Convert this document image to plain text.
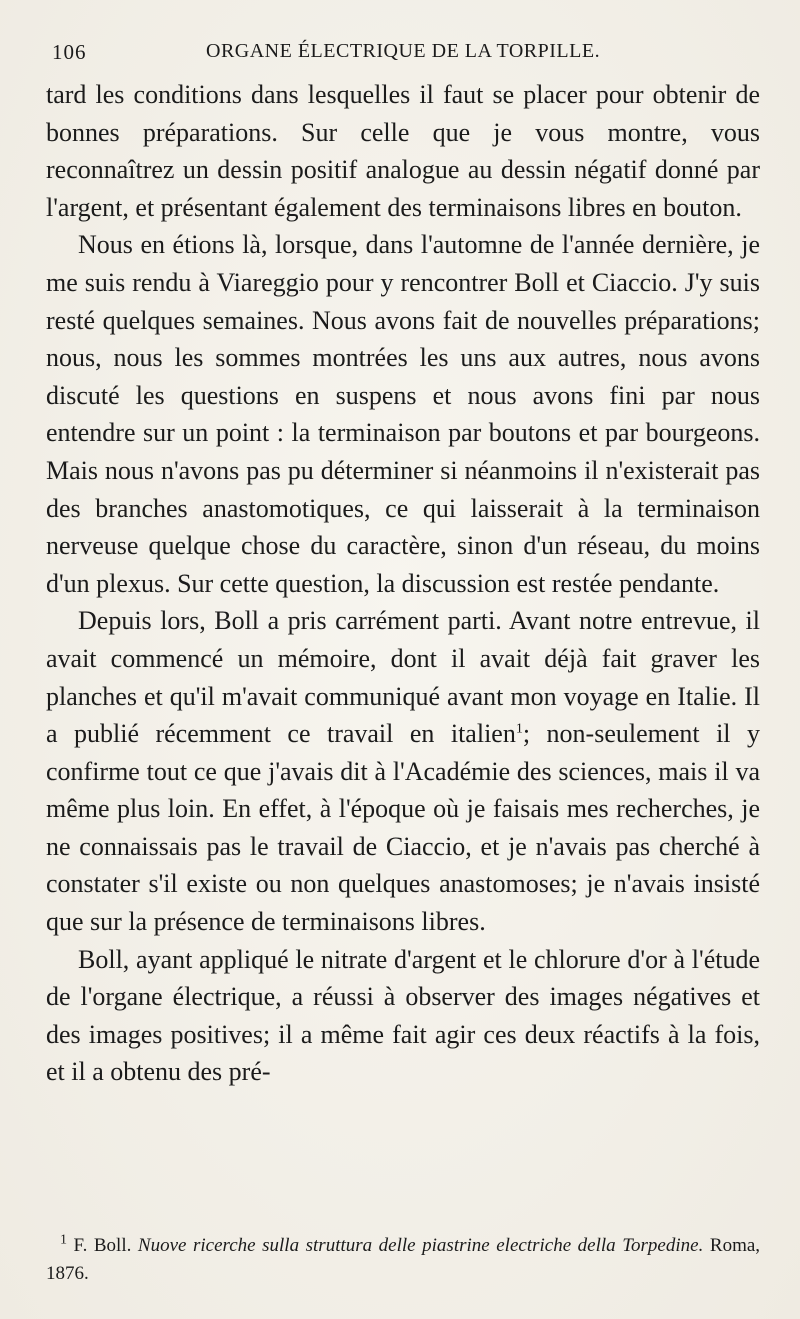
106	ORGANE ÉLECTRIQUE DE LA TORPILLE.

tard les conditions dans lesquelles il faut se placer pour obtenir de bonnes préparations. Sur celle que je vous montre, vous reconnaîtrez un dessin positif analogue au dessin négatif donné par l'argent, et présentant également des terminaisons libres en bouton.

Nous en étions là, lorsque, dans l'automne de l'année dernière, je me suis rendu à Viareggio pour y rencontrer Boll et Ciaccio. J'y suis resté quelques semaines. Nous avons fait de nouvelles préparations; nous, nous les sommes montrées les uns aux autres, nous avons discuté les questions en suspens et nous avons fini par nous entendre sur un point : la terminaison par boutons et par bourgeons. Mais nous n'avons pas pu déterminer si néanmoins il n'existerait pas des branches anastomotiques, ce qui laisserait à la terminaison nerveuse quelque chose du caractère, sinon d'un réseau, du moins d'un plexus. Sur cette question, la discussion est restée pendante.

Depuis lors, Boll a pris carrément parti. Avant notre entrevue, il avait commencé un mémoire, dont il avait déjà fait graver les planches et qu'il m'avait communiqué avant mon voyage en Italie. Il a publié récemment ce travail en italien$^1$; non-seulement il y confirme tout ce que j'avais dit à l'Académie des sciences, mais il va même plus loin. En effet, à l'époque où je faisais mes recherches, je ne connaissais pas le travail de Ciaccio, et je n'avais pas cherché à constater s'il existe ou non quelques anastomoses; je n'avais insisté que sur la présence de terminaisons libres.

Boll, ayant appliqué le nitrate d'argent et le chlorure d'or à l'étude de l'organe électrique, a réussi à observer des images négatives et des images positives; il a même fait agir ces deux réactifs à la fois, et il a obtenu des pré-

$^1$ F. Boll. Nuove ricerche sulla struttura delle piastrine electriche della Torpedine. Roma, 1876.
